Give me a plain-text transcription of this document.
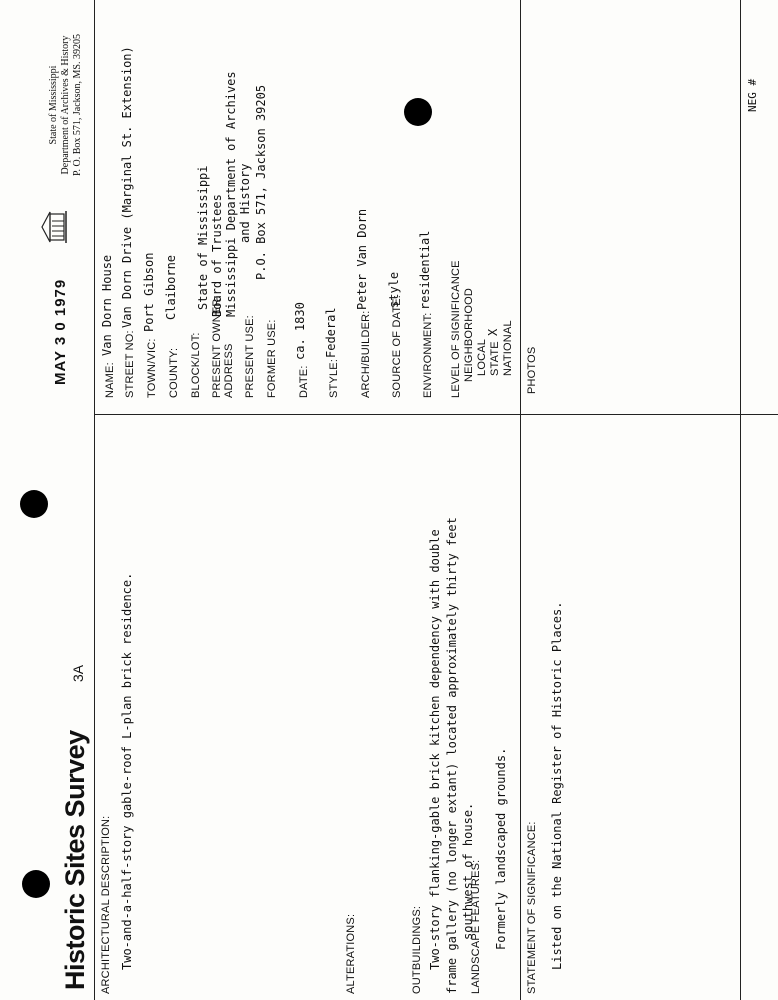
Historic Sites Survey
3A
MAY 3 0 1979
State of Mississippi Department of Archives & History P. O. Box 571, Jackson, MS. 39205
ARCHITECTURAL DESCRIPTION: Two-and-a-half-story gable-roof L-plan brick residence.	ALTERATIONS:	OUTBUILDINGS: Two-story flanking-gable brick kitchen dependency with double frame gallery (no longer extant) located approximately thirty feet southwest of house.
LANDSCAPE FEATURES: Formerly landscaped grounds. STATEMENT OF SIGNIFICANCE: Listed on the National Register of Historic Places.
NAME:
Van Dorn House
STREET NO:
Van Dorn Drive (Marginal St. Extension)
TOWN/VIC:
Port Gibson
COUNTY:
Claiborne
BLOCK/LOT: PRESENT OWNER: ADDRESS
State of Mississippi Board of Trustees Mississippi Department of Archives and History
PRESENT USE:
P.O. Box 571, Jackson 39205
FORMER USE: DATE:
ca. 1830
STYLE:
Federal ARCH/BUILDER:
Peter Van Dorn
SOURCE OF DATE:
style
ENVIRONMENT:
residential LEVEL OF SIGNIFICANCE NEIGHBORHOOD LOCAL STATE
X NATIONAL PHOTOS
NEG #
